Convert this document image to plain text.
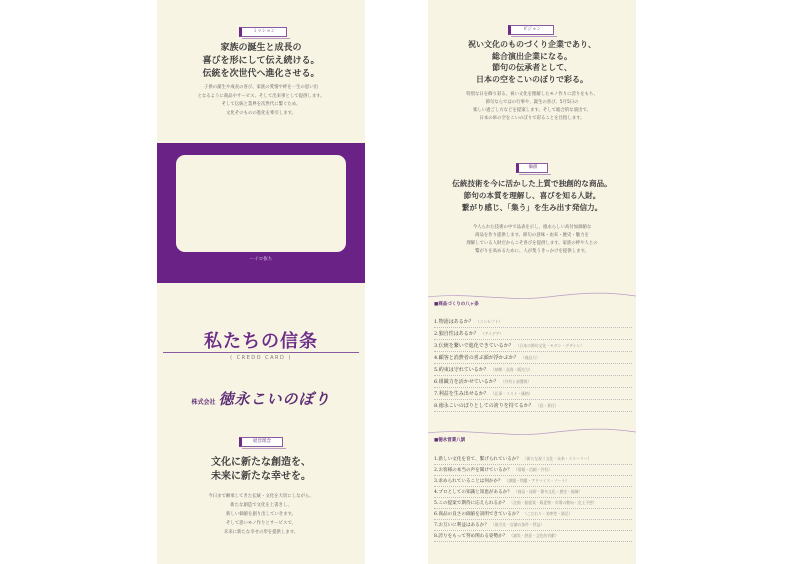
ミッション
家族の誕生と成長の
喜びを形にして伝え続ける。
伝統を次世代へ進化させる。
子供の誕生や成長の喜び、家族の愛情や絆を一生の思い出
となるように商品やサービス、そして出来事として提供します。
そして伝統と業界を次世代に繋ぐため、
文化そのものの進化を牽引します。
ーイロ抜ち
私たちの信条
( CREDO CARD )
株式会社 徳永こいのぼり
経営理念
文化に新たな創造を、
未来に新たな幸せを。
今日まで継承してきた伝統・文化を大切にしながら、
新たな創造で文化を上書きし、
新しい価値を創り出していきます。
そして思いモノ作りとサービスで、
未来に新たな幸せの形を提供します。
ビジョン
祝い文化のものづくり企業であり、
総合演出企業になる。
節句の伝承者として、
日本の空をこいのぼりで彩る。
特別な日を飾り彩る、祝い文化を理解したモノ作りに誇りをもち、
節句ならではの行事や、誕生の喜び、5月5日の
楽しい過ごし方などを提案します。そして総合的な演出で、
日本の皐の空をこいのぼりで彩ることを目指します。
価値
伝統技術を今に活かした上質で独創的な商品。
節句の本質を理解し、喜びを知る人財。
繋がり感じ、「集う」を生み出す発信力。
今人られた技術の中で品表を示し、徳永らしい高付加価値な
商品を作り提供します。節句の意味・由来・歴史・魅力を
理解している人財だからこそ喜びを提供します。家族の絆や人との
繋がりを高めるために、人が集うきっかけを提供します。
■商品づくりの八ヶ条
1.物語はあるか？ （コンセプト）
2.独自性はあるか？ （アイデア）
3.伝統を繋いで進化できているか？ （日本の節句文化・モダン・デザイン）
4.顧客と消費者の喜ぶ顔が浮かぶか？ （商品力）
5.約束は守れているか？ （納期・品質・販売力）
6.組織力を活かせているか？ （共有と部署間）
7.利益を生み出せるか？ （仕事・コスト・価格）
8.徳永こいのぼりとしての誇りを持てるか？ （恐・責任）
■徳永営業八訓
1.新しい文化を育て、繋げられているか？ （新たな祝う文化・未来・ストーリー）
2.お客様の本当の声を聞けているか？ （情報・信頼・共有）
3.求められていることは何かか？ （課題・問題・アドバイス・ノート）
4.プロとしての知識と知恵があるか？ （商品・技術・節句文化・歴史・地域）
5.この提案で期待に応えられるか？ （企画・総提案・販促物・市場の動向・売上予想）
6.商品の良さの価値を説明できているか？ （こだわり・効率性・満足）
7.お互いに利益はあるか？ （取引先・店舗の条件・利益）
8.誇りをもって努め関わる姿勢か？ （誠実・熱意・文化的貢献）
